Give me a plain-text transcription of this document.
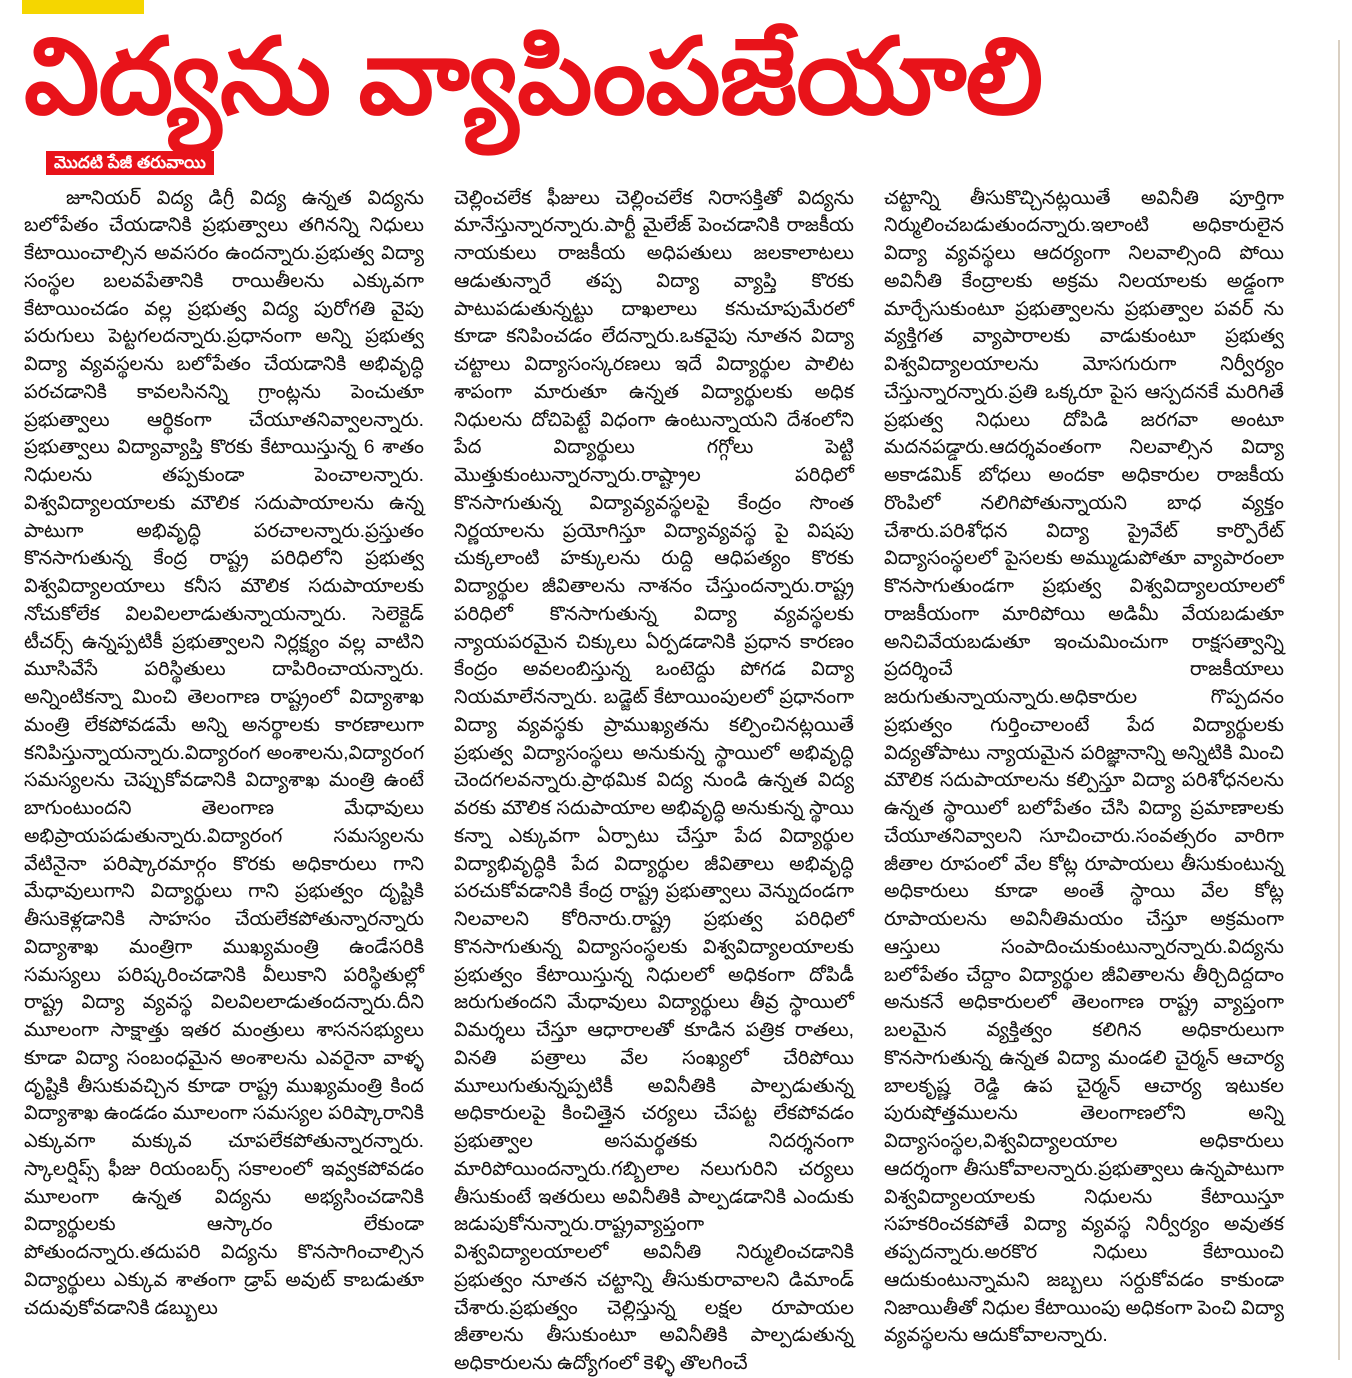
విద్యను వ్యాపింపజేయాలి
మొదటి పేజీ తరువాయి

జూనియర్ విద్య డిగ్రీ విద్య ఉన్నత విద్యను బలోపేతం చేయడానికి ప్రభుత్వాలు తగినన్ని నిధులు కేటాయించాల్సిన అవసరం ఉందన్నారు.ప్రభుత్వ విద్యా సంస్థల బలవపేతానికి రాయితీలను ఎక్కువగా కేటాయించడం వల్ల ప్రభుత్వ విద్య పురోగతి వైపు పరుగులు పెట్టగలదన్నారు.ప్రధానంగా అన్ని ప్రభుత్వ విద్యా వ్యవస్థలను బలోపేతం చేయడానికి అభివృద్ధి పరచడానికి కావలసినన్ని గ్రాంట్లను పెంచుతూ ప్రభుత్వాలు ఆర్థికంగా చేయూతనివ్వాలన్నారు. ప్రభుత్వాలు విద్యావ్యాప్తి కొరకు కేటాయిస్తున్న 6 శాతం నిధులను తప్పకుండా పెంచాలన్నారు. విశ్వవిద్యాలయాలకు మౌలిక సదుపాయాలను ఉన్న పాటుగా అభివృద్ధి పరచాలన్నారు.ప్రస్తుతం కొనసాగుతున్న కేంద్ర రాష్ట్ర పరిధిలోని ప్రభుత్వ విశ్వవిద్యాలయాలు కనీస మౌలిక సదుపాయాలకు నోచుకోలేక విలవిలలాడుతున్నాయన్నారు. సెలెక్టెడ్ టీచర్స్ ఉన్నప్పటికీ ప్రభుత్వాలని నిర్లక్ష్యం వల్ల వాటిని మూసివేసే పరిస్థితులు దాపిరించాయన్నారు. అన్నింటికన్నా మించి తెలంగాణ రాష్ట్రంలో విద్యాశాఖ మంత్రి లేకపోవడమే అన్ని అనర్థాలకు కారణాలుగా కనిపిస్తున్నాయన్నారు.విద్యారంగ అంశాలను,విద్యారంగ సమస్యలను చెప్పుకోవడానికి విద్యాశాఖ మంత్రి ఉంటే బాగుంటుందని తెలంగాణ మేధావులు అభిప్రాయపడుతున్నారు.విద్యారంగ సమస్యలను వేటినైనా పరిష్కారమార్గం కొరకు అధికారులు గాని మేధావులుగాని విద్యార్థులు గాని ప్రభుత్వం దృష్టికి తీసుకెళ్లడానికి సాహసం చేయలేకపోతున్నారన్నారు విద్యాశాఖ మంత్రిగా ముఖ్యమంత్రి ఉండేసరికి సమస్యలు పరిష్కరించడానికి వీలుకాని పరిస్థితుల్లో రాష్ట్ర విద్యా వ్యవస్థ విలవిలలాడుతందన్నారు.దీని మూలంగా సాక్షాత్తు ఇతర మంత్రులు శాసనసభ్యులు కూడా విద్యా సంబంధమైన అంశాలను ఎవరైనా వాళ్ళ దృష్టికి తీసుకువచ్చిన కూడా రాష్ట్ర ముఖ్యమంత్రి కింద విద్యాశాఖ ఉండడం మూలంగా సమస్యల పరిష్కారానికి ఎక్కువగా మక్కువ చూపలేకపోతున్నారన్నారు. స్కాలర్షిప్స్ ఫీజు రియంబర్స్ సకాలంలో ఇవ్వకపోవడం మూలంగా ఉన్నత విద్యను అభ్యసించడానికి విద్యార్థులకు ఆస్కారం లేకుండా పోతుందన్నారు.తదుపరి విద్యను కొనసాగించాల్సిన విద్యార్థులు ఎక్కువ శాతంగా డ్రాప్ అవుట్ కాబడుతూ చదువుకోవడానికి డబ్బులు

చెల్లించలేక ఫీజులు చెల్లించలేక నిరాసక్తితో విద్యను మానేస్తున్నారన్నారు.పార్టీ మైలేజ్ పెంచడానికి రాజకీయ నాయకులు రాజకీయ అధిపతులు జలకాలాటలు ఆడుతున్నారే తప్ప విద్యా వ్యాప్తి కొరకు పాటుపడుతున్నట్టు దాఖలాలు కనుచూపుమేరలో కూడా కనిపించడం లేదన్నారు.ఒకవైపు నూతన విద్యా చట్టాలు విద్యాసంస్కరణలు ఇదే విద్యార్థుల పాలిట శాపంగా మారుతూ ఉన్నత విద్యార్థులకు అధిక నిధులను దోచిపెట్టే విధంగా ఉంటున్నాయని దేశంలోని పేద విద్యార్థులు గగ్గోలు పెట్టి మొత్తుకుంటున్నారన్నారు.రాష్ట్రాల పరిధిలో కొనసాగుతున్న విద్యావ్యవస్థలపై కేంద్రం సొంత నిర్ణయాలను ప్రయోగిస్తూ విద్యావ్యవస్థ పై విషపు చుక్కలాంటి హక్కులను రుద్ది ఆధిపత్యం కొరకు విద్యార్థుల జీవితాలను నాశనం చేస్తుందన్నారు.రాష్ట్ర పరిధిలో కొనసాగుతున్న విద్యా వ్యవస్థలకు న్యాయపరమైన చిక్కులు ఏర్పడడానికి ప్రధాన కారణం కేంద్రం అవలంబిస్తున్న ఒంటెద్దు పోగడ విద్యా నియమాలేనన్నారు. బడ్జెట్ కేటాయింపులలో ప్రధానంగా విద్యా వ్యవస్థకు ప్రాముఖ్యతను కల్పించినట్లయితే ప్రభుత్వ విద్యాసంస్థలు అనుకున్న స్థాయిలో అభివృద్ధి చెందగలవన్నారు.ప్రాథమిక విద్య నుండి ఉన్నత విద్య వరకు మౌలిక సదుపాయాల అభివృద్ధి అనుకున్న స్థాయి కన్నా ఎక్కువగా ఏర్పాటు చేస్తూ పేద విద్యార్థుల విద్యాభివృద్ధికి పేద విద్యార్థుల జీవితాలు అభివృద్ధి పరచుకోవడానికి కేంద్ర రాష్ట్ర ప్రభుత్వాలు వెన్నుదండగా నిలవాలని కోరినారు.రాష్ట్ర ప్రభుత్వ పరిధిలో కొనసాగుతున్న విద్యాసంస్థలకు విశ్వవిద్యాలయాలకు ప్రభుత్వం కేటాయిస్తున్న నిధులలో అధికంగా దోపిడీ జరుగుతందని మేధావులు విద్యార్థులు తీవ్ర స్థాయిలో విమర్శలు చేస్తూ ఆధారాలతో కూడిన పత్రిక రాతలు, వినతి పత్రాలు వేల సంఖ్యలో చేరిపోయి మూలుగుతున్నప్పటికీ అవినీతికి పాల్పడుతున్న అధికారులపై కించిత్తైన చర్యలు చేపట్ట లేకపోవడం ప్రభుత్వాల అసమర్థతకు నిదర్శనంగా మారిపోయిందన్నారు.గబ్బిలాల నలుగురిని చర్యలు తీసుకుంటే ఇతరులు అవినీతికి పాల్పడడానికి ఎందుకు జడుపుకోనున్నారు.రాష్ట్రవ్యాప్తంగా విశ్వవిద్యాలయాలలో అవినీతి నిర్ములించడానికి ప్రభుత్వం నూతన చట్టాన్ని తీసుకురావాలని డిమాండ్ చేశారు.ప్రభుత్వం చెల్లిస్తున్న లక్షల రూపాయల జీతాలను తీసుకుంటూ అవినీతికి పాల్పడుతున్న అధికారులను ఉద్యోగంలో కెళ్ళి తొలగించే

చట్టాన్ని తీసుకొచ్చినట్లయితే అవినీతి పూర్తిగా నిర్ములించబడుతుందన్నారు.ఇలాంటి అధికారులైన విద్యా వ్యవస్థలు ఆదర్యంగా నిలవాల్సింది పోయి అవినీతి కేంద్రాలకు అక్రమ నిలయాలకు అడ్డంగా మార్చేసుకుంటూ ప్రభుత్వాలను ప్రభుత్వాల పవర్ ను వ్యక్తిగత వ్యాపారాలకు వాడుకుంటూ ప్రభుత్వ విశ్వవిద్యాలయాలను మోసగురుగా నిర్వీర్యం చేస్తున్నారన్నారు.ప్రతి ఒక్కరూ పైస ఆస్పదనకే మరిగితే ప్రభుత్వ నిధులు దోపిడి జరగవా అంటూ మదనపడ్డారు.ఆదర్శవంతంగా నిలవాల్సిన విద్యా అకాడమిక్ బోధలు అందకా అధికారుల రాజకీయ రొంపిలో నలిగిపోతున్నాయని బాధ వ్యక్తం చేశారు.పరిశోధన విద్యా ప్రైవేట్ కార్పొరేట్ విద్యాసంస్థలలో పైసలకు అమ్ముడుపోతూ వ్యాపారంలా కొనసాగుతుండగా ప్రభుత్వ విశ్వవిద్యాలయాలలో రాజకీయంగా మారిపోయి అడిమీ వేయబడుతూ అనిచివేయబడుతూ ఇంచుమించుగా రాక్షసత్వాన్ని ప్రదర్శించే రాజకీయాలు జరుగుతున్నాయన్నారు.అధికారుల గొప్పదనం ప్రభుత్వం గుర్తించాలంటే పేద విద్యార్థులకు విద్యతోపాటు న్యాయమైన పరిజ్ఞానాన్ని అన్నిటికి మించి మౌలిక సదుపాయాలను కల్పిస్తూ విద్యా పరిశోధనలను ఉన్నత స్థాయిలో బలోపేతం చేసి విద్యా ప్రమాణాలకు చేయూతనివ్వాలని సూచించారు.సంవత్సరం వారిగా జీతాల రూపంలో వేల కోట్ల రూపాయలు తీసుకుంటున్న అధికారులు కూడా అంతే స్థాయి వేల కోట్ల రూపాయలను అవినీతిమయం చేస్తూ అక్రమంగా ఆస్తులు సంపాదించుకుంటున్నారన్నారు.విద్యను బలోపేతం చేద్దాం విద్యార్థుల జీవితాలను తీర్చిదిద్దదాం అనుకనే అధికారులలో తెలంగాణ రాష్ట్ర వ్యాప్తంగా బలమైన వ్యక్తిత్వం కలిగిన అధికారులుగా కొనసాగుతున్న ఉన్నత విద్యా మండలి చైర్మన్ ఆచార్య బాలకృష్ణ రెడ్డి ఉప చైర్మన్ ఆచార్య ఇటుకల పురుషోత్తములను తెలంగాణలోని అన్ని విద్యాసంస్థల,విశ్వవిద్యాలయాల అధికారులు ఆదర్శంగా తీసుకోవాలన్నారు.ప్రభుత్వాలు ఉన్నపాటుగా విశ్వవిద్యాలయాలకు నిధులను కేటాయిస్తూ సహకరించకపోతే విద్యా వ్యవస్థ నిర్వీర్యం అవుతక తప్పదన్నారు.అరకొర నిధులు కేటాయించి ఆదుకుంటున్నామని జబ్బలు సర్దుకోవడం కాకుండా నిజాయితీతో నిధుల కేటాయింపు అధికంగా పెంచి విద్యా వ్యవస్థలను ఆదుకోవాలన్నారు.
